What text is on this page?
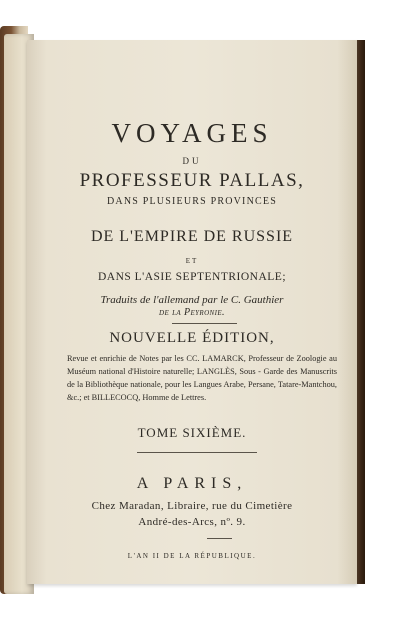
VOYAGES
DU
PROFESSEUR PALLAS,
DANS PLUSIEURS PROVINCES
DE L'EMPIRE DE RUSSIE
ET
DANS L'ASIE SEPTENTRIONALE;
Traduits de l'allemand par le C. Gauthier
de la Peyronie.
NOUVELLE ÉDITION,
Revue et enrichie de Notes par les CC. LAMARCK, Professeur de Zoologie au Muséum national d'Histoire naturelle; LANGLÈS, Sous - Garde des Manuscrits de la Bibliothèque nationale, pour les Langues Arabe, Persane, Tatare-Mantchou, &c.; et BILLECOCQ, Homme de Lettres.
TOME SIXIÈME.
A PARIS,
Chez Maradan, Libraire, rue du Cimetière
André-des-Arcs, nº. 9.
L'AN II DE LA RÉPUBLIQUE.
